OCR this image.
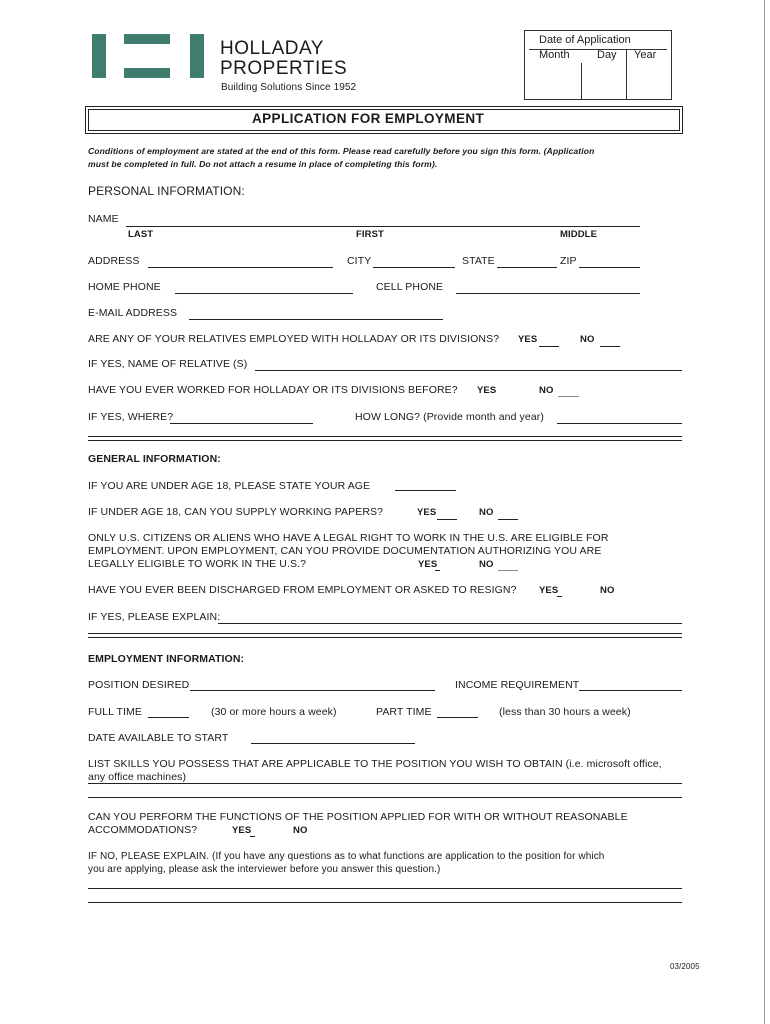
HOLLADAY
PROPERTIES
Building Solutions Since 1952
Date of Application
Month Day Year
APPLICATION FOR EMPLOYMENT
Conditions of employment are stated at the end of this form. Please read carefully before you sign this form. (Application
must be completed in full. Do not attach a resume in place of completing this form).
PERSONAL INFORMATION:
NAME
LAST	FIRST	MIDDLE
ADDRESS	CITY	STATE	ZIP
HOME PHONE	CELL PHONE
E-MAIL ADDRESS
ARE ANY OF YOUR RELATIVES EMPLOYED WITH HOLLADAY OR ITS DIVISIONS? YES	NO
IF YES, NAME OF RELATIVE (S)
HAVE YOU EVER WORKED FOR HOLLADAY OR ITS DIVISIONS BEFORE? YES	NO
IF YES, WHERE?	HOW LONG? (Provide month and year)
GENERAL INFORMATION:
IF YOU ARE UNDER AGE 18, PLEASE STATE YOUR AGE
IF UNDER AGE 18, CAN YOU SUPPLY WORKING PAPERS?	YES	NO
ONLY U.S. CITIZENS OR ALIENS WHO HAVE A LEGAL RIGHT TO WORK IN THE U.S. ARE ELIGIBLE FOR
EMPLOYMENT. UPON EMPLOYMENT, CAN YOU PROVIDE DOCUMENTATION AUTHORIZING YOU ARE
LEGALLY ELIGIBLE TO WORK IN THE U.S.?	YES	NO
HAVE YOU EVER BEEN DISCHARGED FROM EMPLOYMENT OR ASKED TO RESIGN? YES	NO
IF YES, PLEASE EXPLAIN:
EMPLOYMENT INFORMATION:
POSITION DESIRED	INCOME REQUIREMENT
FULL TIME	(30 or more hours a week)	PART TIME	(less than 30 hours a week)
DATE AVAILABLE TO START
LIST SKILLS YOU POSSESS THAT ARE APPLICABLE TO THE POSITION YOU WISH TO OBTAIN (i.e. microsoft office,
any office machines)
CAN YOU PERFORM THE FUNCTIONS OF THE POSITION APPLIED FOR WITH OR WITHOUT REASONABLE
ACCOMMODATIONS?	YES	NO
IF NO, PLEASE EXPLAIN. (If you have any questions as to what functions are application to the position for which
you are applying, please ask the interviewer before you answer this question.)
03/2005
